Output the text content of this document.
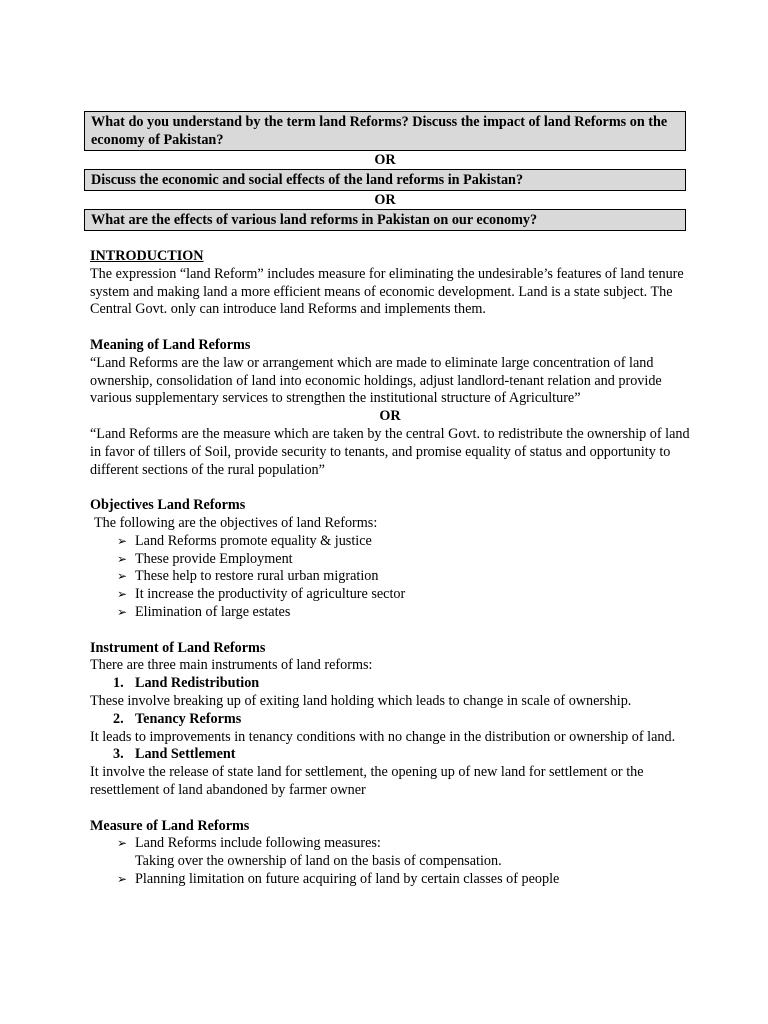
What do you understand by the term land Reforms? Discuss the impact of land Reforms on the economy of Pakistan?
OR
Discuss the economic and social effects of the land reforms in Pakistan?
OR
What are the effects of various land reforms in Pakistan on our economy?

INTRODUCTION

The expression “land Reform” includes measure for eliminating the undesirable’s features of land tenure system and making land a more efficient means of economic development. Land is a state subject. The Central Govt. only can introduce land Reforms and implements them.

Meaning of Land Reforms

“Land Reforms are the law or arrangement which are made to eliminate large concentration of land ownership, consolidation of land into economic holdings, adjust landlord-tenant relation and provide various supplementary services to strengthen the institutional structure of Agriculture”

OR

“Land Reforms are the measure which are taken by the central Govt. to redistribute the ownership of land in favor of tillers of Soil, provide security to tenants, and promise equality of status and opportunity to different sections of the rural population”

Objectives Land Reforms

The following are the objectives of land Reforms:

➢ Land Reforms promote equality & justice
➢ These provide Employment
➢ These help to restore rural urban migration
➢ It increase the productivity of agriculture sector
➢ Elimination of large estates

Instrument of Land Reforms

There are three main instruments of land reforms:

1. Land Redistribution

These involve breaking up of exiting land holding which leads to change in scale of ownership.

2. Tenancy Reforms

It leads to improvements in tenancy conditions with no change in the distribution or ownership of land.

3. Land Settlement

It involve the release of state land for settlement, the opening up of new land for settlement or the resettlement of land abandoned by farmer owner

Measure of Land Reforms

➢ Land Reforms include following measures:

Taking over the ownership of land on the basis of compensation.

➢ Planning limitation on future acquiring of land by certain classes of people
